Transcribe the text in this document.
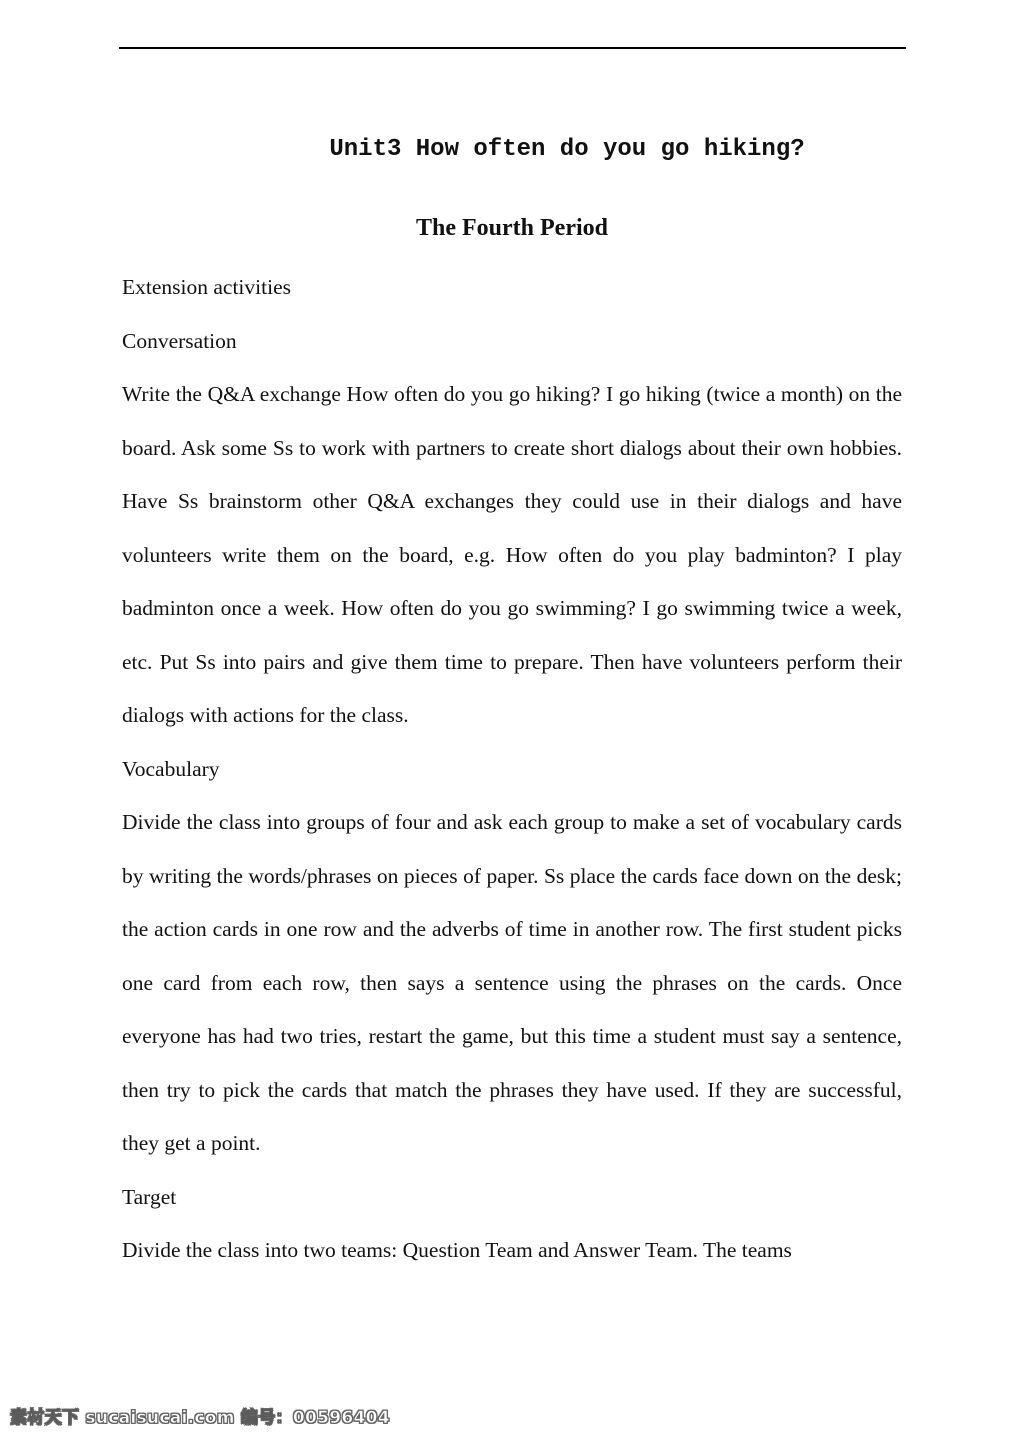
Unit3 How often do you go hiking?
The Fourth Period

Extension activities

Conversation

Write the Q&A exchange How often do you go hiking? I go hiking (twice a month) on the board. Ask some Ss to work with partners to create short dialogs about their own hobbies. Have Ss brainstorm other Q&A exchanges they could use in their dialogs and have volunteers write them on the board, e.g. How often do you play badminton? I play badminton once a week. How often do you go swimming? I go swimming twice a week, etc. Put Ss into pairs and give them time to prepare. Then have volunteers perform their dialogs with actions for the class.

Vocabulary

Divide the class into groups of four and ask each group to make a set of vocabulary cards by writing the words/phrases on pieces of paper. Ss place the cards face down on the desk; the action cards in one row and the adverbs of time in another row. The first student picks one card from each row, then says a sentence using the phrases on the cards. Once everyone has had two tries, restart the game, but this time a student must say a sentence, then try to pick the cards that match the phrases they have used. If they are successful, they get a point.

Target

Divide the class into two teams: Question Team and Answer Team. The teams

素材天下 sucaisucai.com 编号：00596404
